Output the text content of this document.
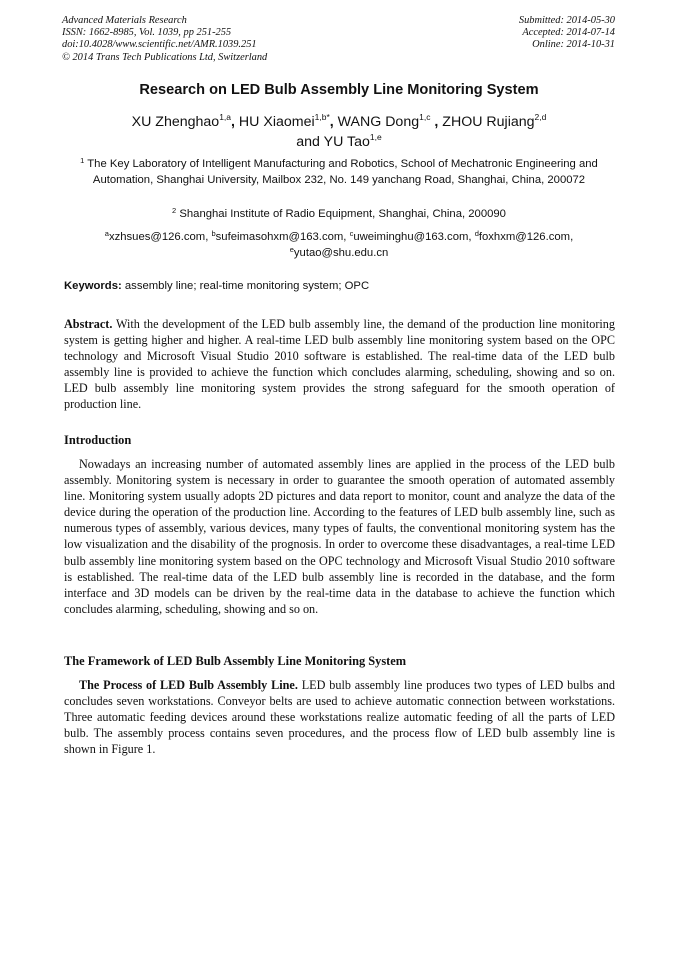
Advanced Materials Research
ISSN: 1662-8985, Vol. 1039, pp 251-255
doi:10.4028/www.scientific.net/AMR.1039.251
© 2014 Trans Tech Publications Ltd, Switzerland
Submitted: 2014-05-30
Accepted: 2014-07-14
Online: 2014-10-31
Research on LED Bulb Assembly Line Monitoring System
XU Zhenghao$^{1,a}$, HU Xiaomei$^{1,b*}$, WANG Dong$^{1,c}$ , ZHOU Rujiang$^{2,d}$
and YU Tao$^{1,e}$
$^1$ The Key Laboratory of Intelligent Manufacturing and Robotics, School of Mechatronic Engineering and Automation, Shanghai University, Mailbox 232, No. 149 yanchang Road, Shanghai, China, 200072
$^2$ Shanghai Institute of Radio Equipment, Shanghai, China, 200090
$^a$xzhsues@126.com, $^b$sufeimasohxm@163.com, $^c$uweiminghu@163.com, $^d$foxhxm@126.com,
$^e$yutao@shu.edu.cn
Keywords: assembly line; real-time monitoring system; OPC
Abstract. With the development of the LED bulb assembly line, the demand of the production line monitoring system is getting higher and higher. A real-time LED bulb assembly line monitoring system based on the OPC technology and Microsoft Visual Studio 2010 software is established. The real-time data of the LED bulb assembly line is provided to achieve the function which concludes alarming, scheduling, showing and so on. LED bulb assembly line monitoring system provides the strong safeguard for the smooth operation of production line.
Introduction
Nowadays an increasing number of automated assembly lines are applied in the process of the LED bulb assembly. Monitoring system is necessary in order to guarantee the smooth operation of automated assembly line. Monitoring system usually adopts 2D pictures and data report to monitor, count and analyze the data of the device during the operation of the production line. According to the features of LED bulb assembly line, such as numerous types of assembly, various devices, many types of faults, the conventional monitoring system has the low visualization and the disability of the prognosis. In order to overcome these disadvantages, a real-time LED bulb assembly line monitoring system based on the OPC technology and Microsoft Visual Studio 2010 software is established. The real-time data of the LED bulb assembly line is recorded in the database, and the form interface and 3D models can be driven by the real-time data in the database to achieve the function which concludes alarming, scheduling, showing and so on.
The Framework of LED Bulb Assembly Line Monitoring System
The Process of LED Bulb Assembly Line. LED bulb assembly line produces two types of LED bulbs and concludes seven workstations. Conveyor belts are used to achieve automatic connection between workstations. Three automatic feeding devices around these workstations realize automatic feeding of all the parts of LED bulb. The assembly process contains seven procedures, and the process flow of LED bulb assembly line is shown in Figure 1.
